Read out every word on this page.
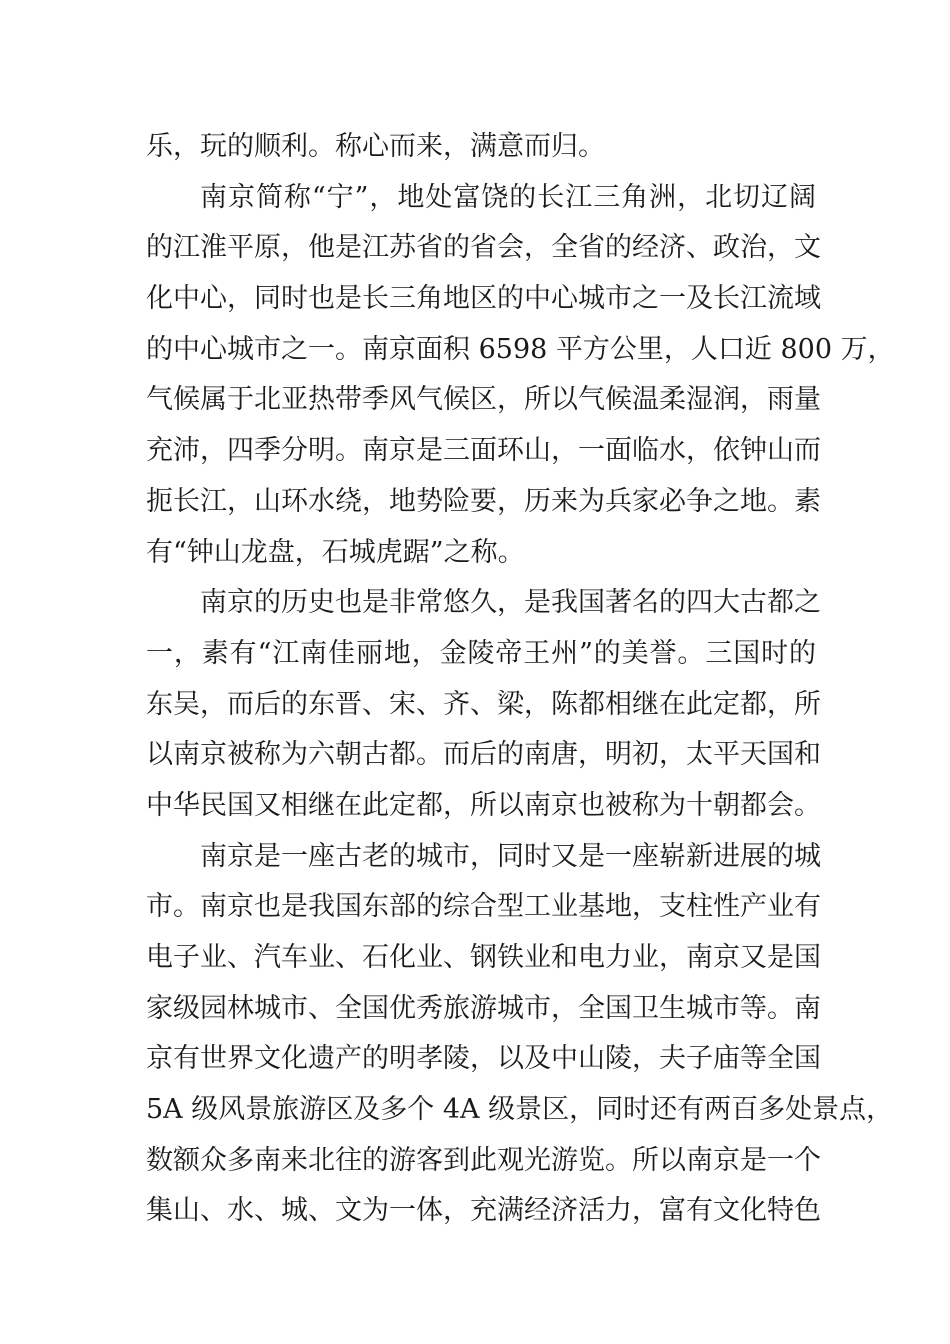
乐，玩的顺利。称心而来，满意而归。
南京简称“宁”，地处富饶的长江三角洲，北切辽阔
的江淮平原，他是江苏省的省会，全省的经济、政治，文
化中心，同时也是长三角地区的中心城市之一及长江流域
的中心城市之一。南京面积 6598 平方公里，人口近 800 万，
气候属于北亚热带季风气候区，所以气候温柔湿润，雨量
充沛，四季分明。南京是三面环山，一面临水，依钟山而
扼长江，山环水绕，地势险要，历来为兵家必争之地。素
有“钟山龙盘，石城虎踞”之称。
南京的历史也是非常悠久，是我国著名的四大古都之
一，素有“江南佳丽地，金陵帝王州”的美誉。三国时的
东吴，而后的东晋、宋、齐、梁，陈都相继在此定都，所
以南京被称为六朝古都。而后的南唐，明初，太平天国和
中华民国又相继在此定都，所以南京也被称为十朝都会。
南京是一座古老的城市，同时又是一座崭新进展的城
市。南京也是我国东部的综合型工业基地，支柱性产业有
电子业、汽车业、石化业、钢铁业和电力业，南京又是国
家级园林城市、全国优秀旅游城市，全国卫生城市等。南
京有世界文化遗产的明孝陵，以及中山陵，夫子庙等全国
5A 级风景旅游区及多个 4A 级景区，同时还有两百多处景点，
数额众多南来北往的游客到此观光游览。所以南京是一个
集山、水、城、文为一体，充满经济活力，富有文化特色
